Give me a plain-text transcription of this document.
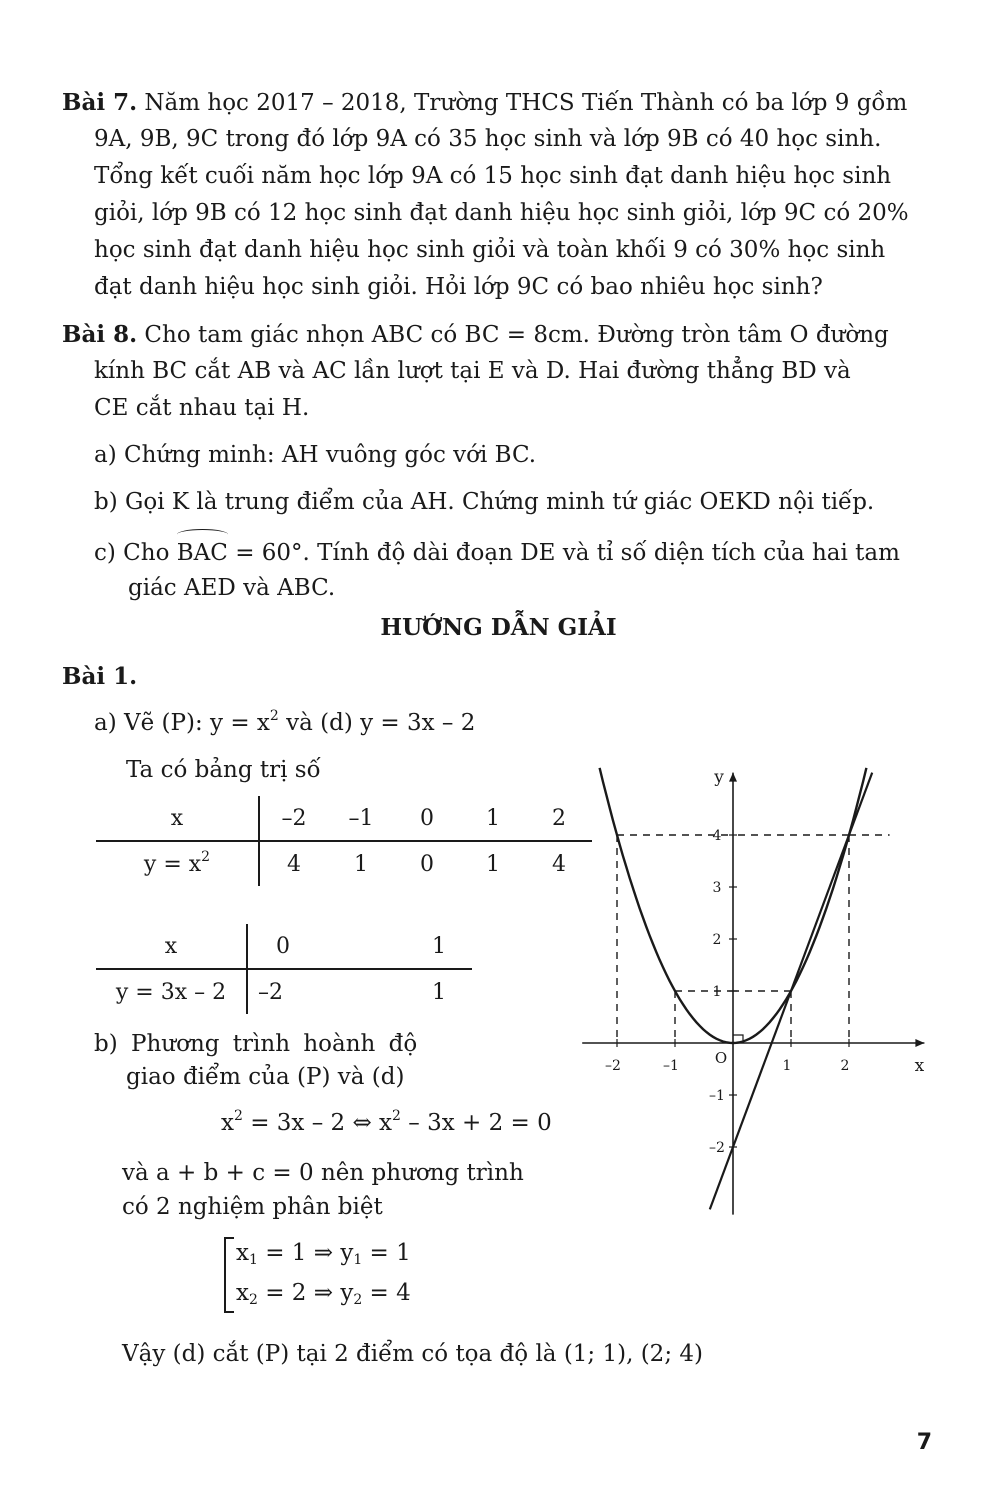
Bài 7. Năm học 2017 – 2018, Trường THCS Tiến Thành có ba lớp 9 gồm
9A, 9B, 9C trong đó lớp 9A có 35 học sinh và lớp 9B có 40 học sinh.
Tổng kết cuối năm học lớp 9A có 15 học sinh đạt danh hiệu học sinh
giỏi, lớp 9B có 12 học sinh đạt danh hiệu học sinh giỏi, lớp 9C có 20%
học sinh đạt danh hiệu học sinh giỏi và toàn khối 9 có 30% học sinh
đạt danh hiệu học sinh giỏi. Hỏi lớp 9C có bao nhiêu học sinh?
Bài 8. Cho tam giác nhọn ABC có BC = 8cm. Đường tròn tâm O đường
kính BC cắt AB và AC lần lượt tại E và D. Hai đường thẳng BD và
CE cắt nhau tại H.
a) Chứng minh: AH vuông góc với BC.
b) Gọi K là trung điểm của AH. Chứng minh tứ giác OEKD nội tiếp.
c) Cho BAC = 60°. Tính độ dài đoạn DE và tỉ số diện tích của hai tam
giác AED và ABC.
HƯỚNG DẪN GIẢI
Bài 1.
a) Vẽ (P): $y = x^2$ và (d) y = 3x – 2
Ta có bảng trị số
x	–2	–1	0	1	2
$y = x^2$	4	1	0	1	4
x	0	1
y = 3x – 2	–2	1
b) Phương trình hoành độ
giao điểm của (P) và (d)
$x^2 = 3x - 2$ ⇔ $x^2 - 3x + 2 = 0$
và a + b + c = 0 nên phương trình
có 2 nghiệm phân biệt
$x_1 = 1$ ⇒ $y_1 = 1$
$x_2 = 2$ ⇒ $y_2 = 4$
Vậy (d) cắt (P) tại 2 điểm có tọa độ là (1; 1), (2; 4)
x
y
O
–2	–1	1	2
–2
–1
1
2
3
4
7
